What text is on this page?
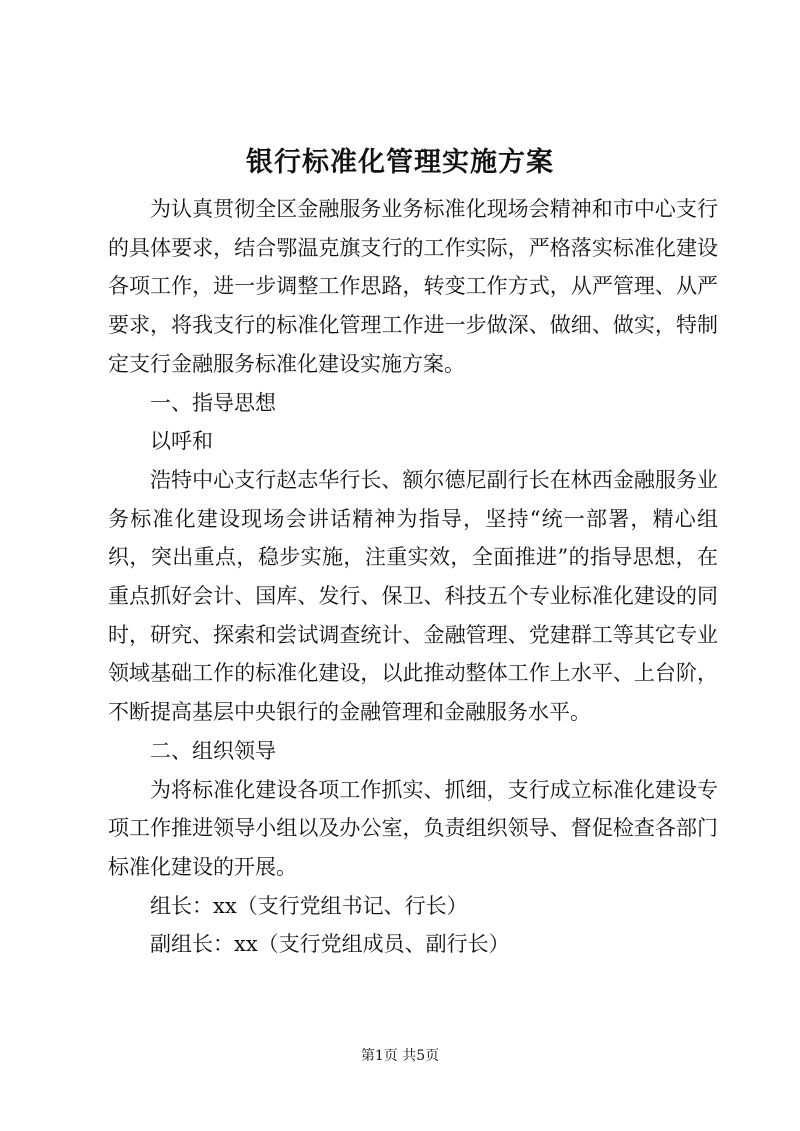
银行标准化管理实施方案

为认真贯彻全区金融服务业务标准化现场会精神和市中心支行的具体要求，结合鄂温克旗支行的工作实际，严格落实标准化建设各项工作，进一步调整工作思路，转变工作方式，从严管理、从严要求，将我支行的标准化管理工作进一步做深、做细、做实，特制定支行金融服务标准化建设实施方案。

一、指导思想

以呼和

浩特中心支行赵志华行长、额尔德尼副行长在林西金融服务业务标准化建设现场会讲话精神为指导，坚持“统一部署，精心组织，突出重点，稳步实施，注重实效，全面推进”的指导思想，在重点抓好会计、国库、发行、保卫、科技五个专业标准化建设的同时，研究、探索和尝试调查统计、金融管理、党建群工等其它专业领域基础工作的标准化建设，以此推动整体工作上水平、上台阶，不断提高基层中央银行的金融管理和金融服务水平。

二、组织领导

为将标准化建设各项工作抓实、抓细，支行成立标准化建设专项工作推进领导小组以及办公室，负责组织领导、督促检查各部门标准化建设的开展。

组长：xx（支行党组书记、行长）

副组长：xx（支行党组成员、副行长）

第1页 共5页
